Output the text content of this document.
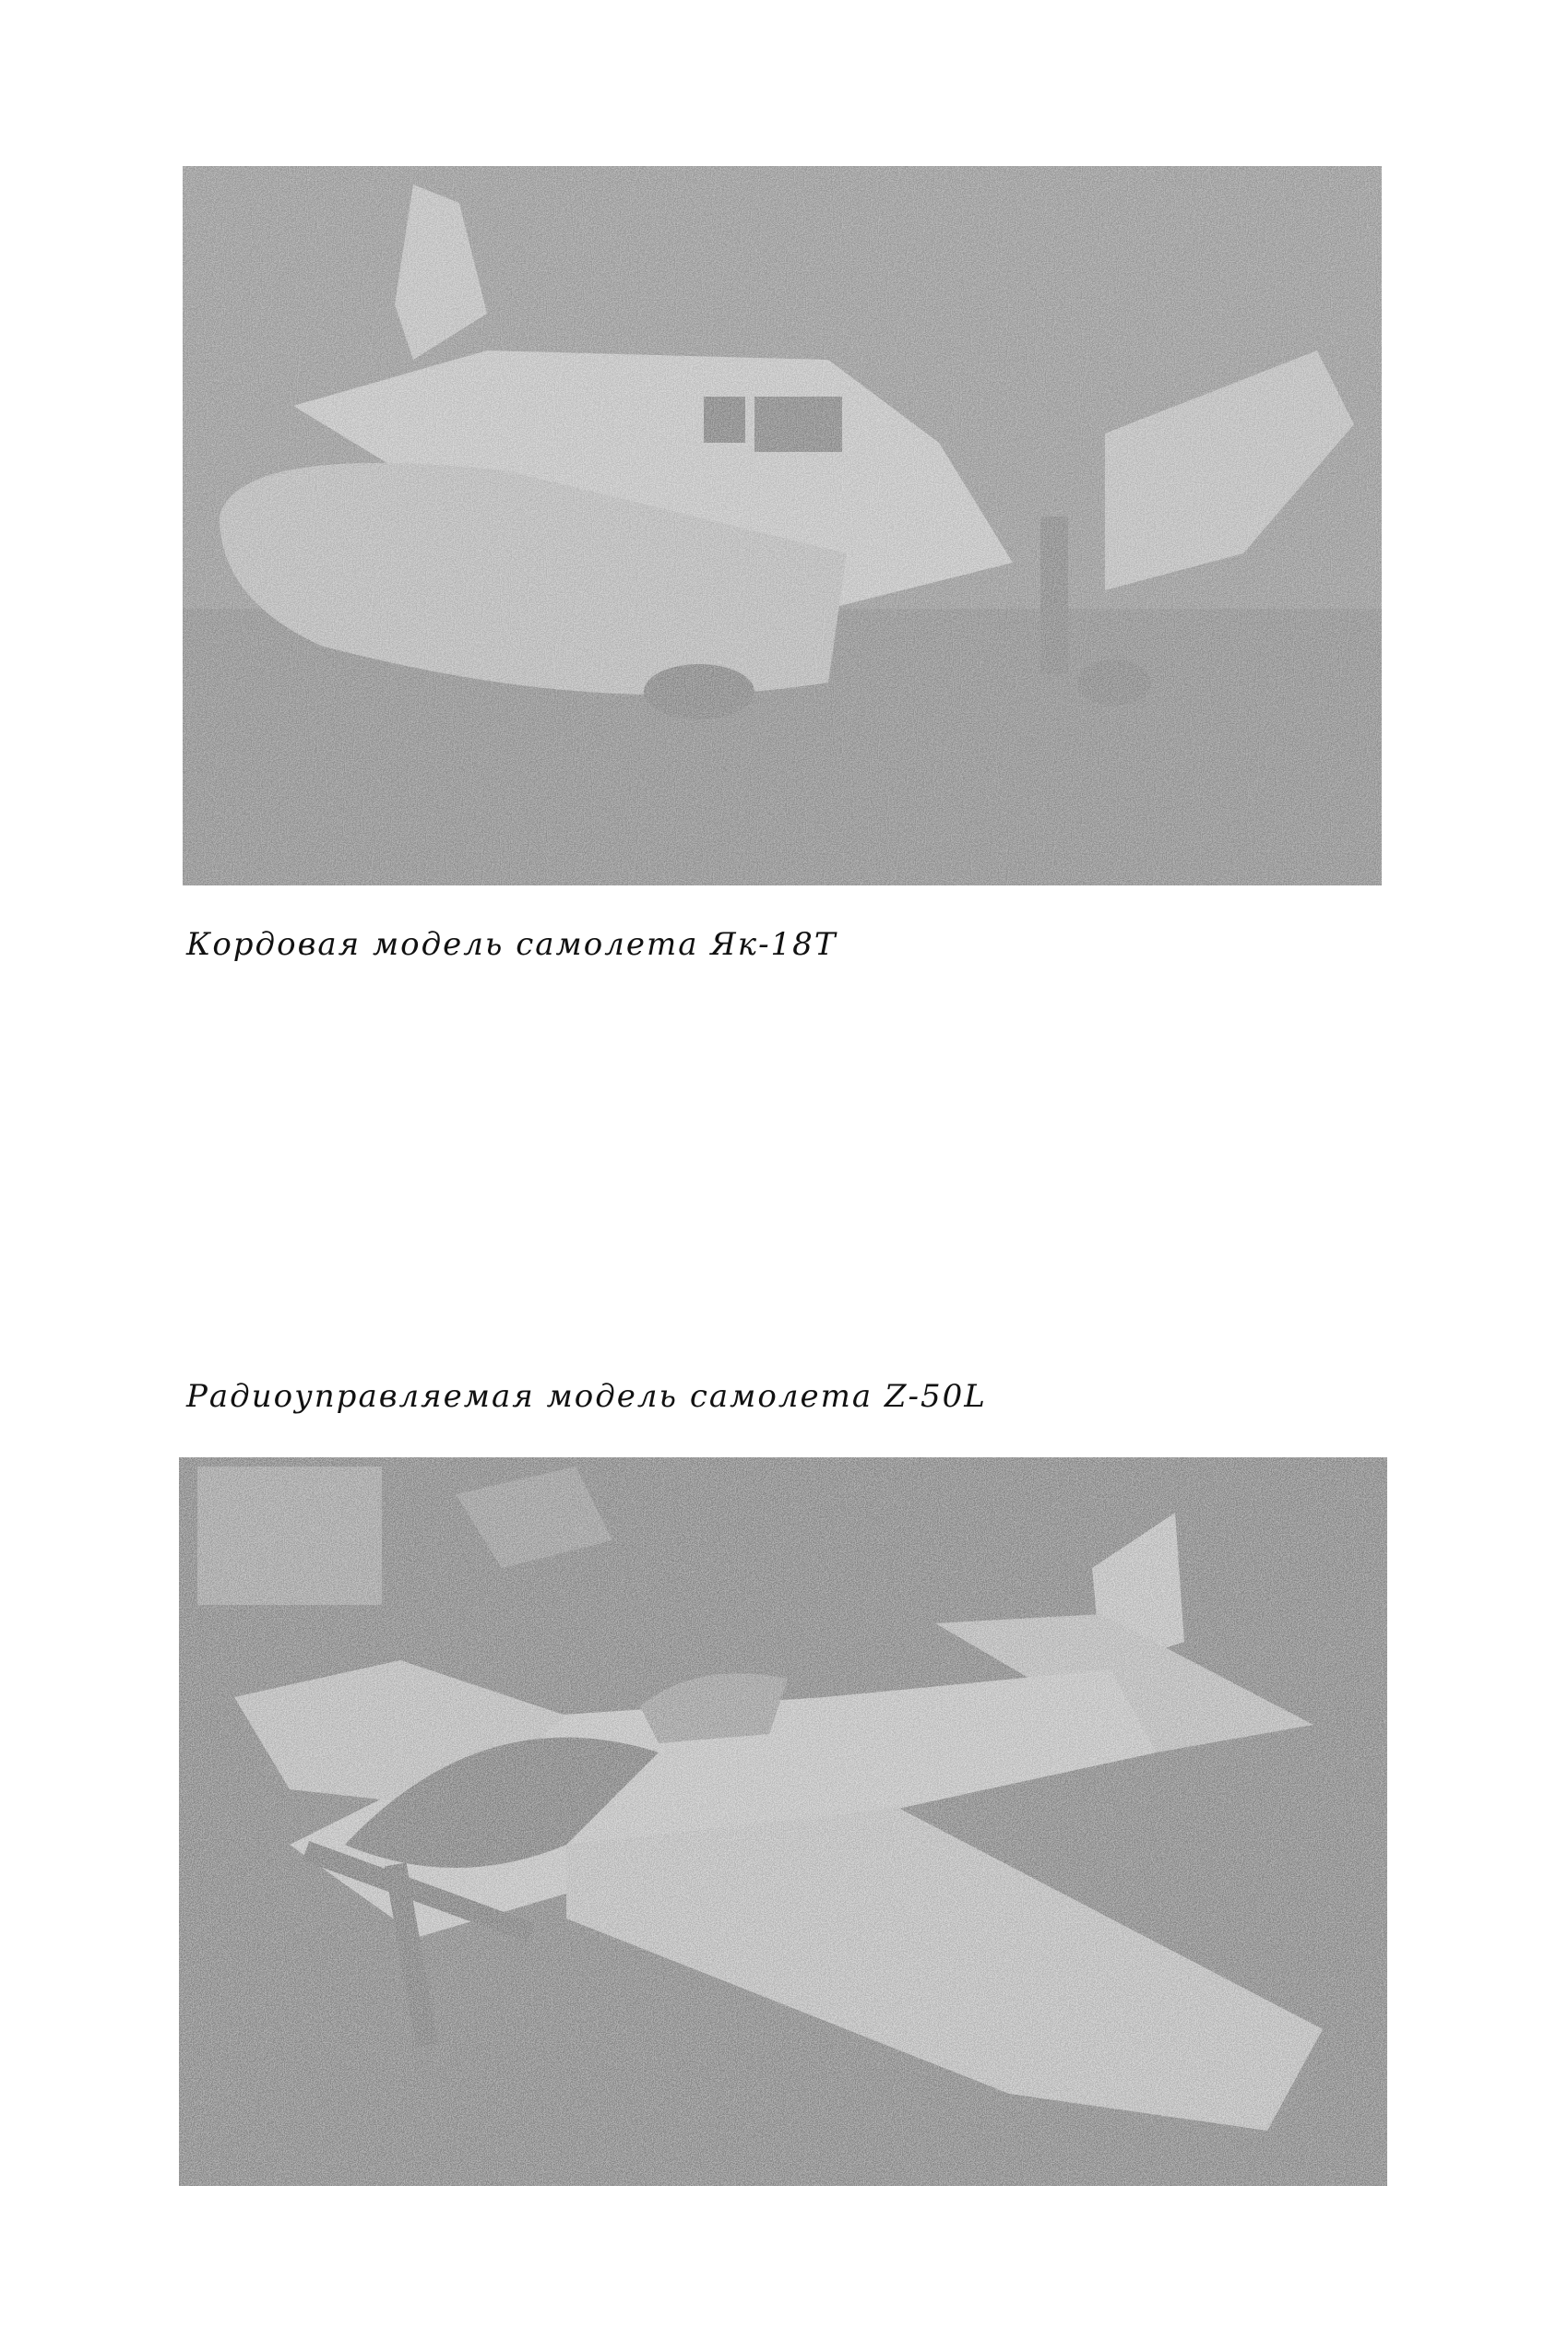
Кордовая модель самолета Як-18Т
Радиоуправляемая модель самолета Z-50L
